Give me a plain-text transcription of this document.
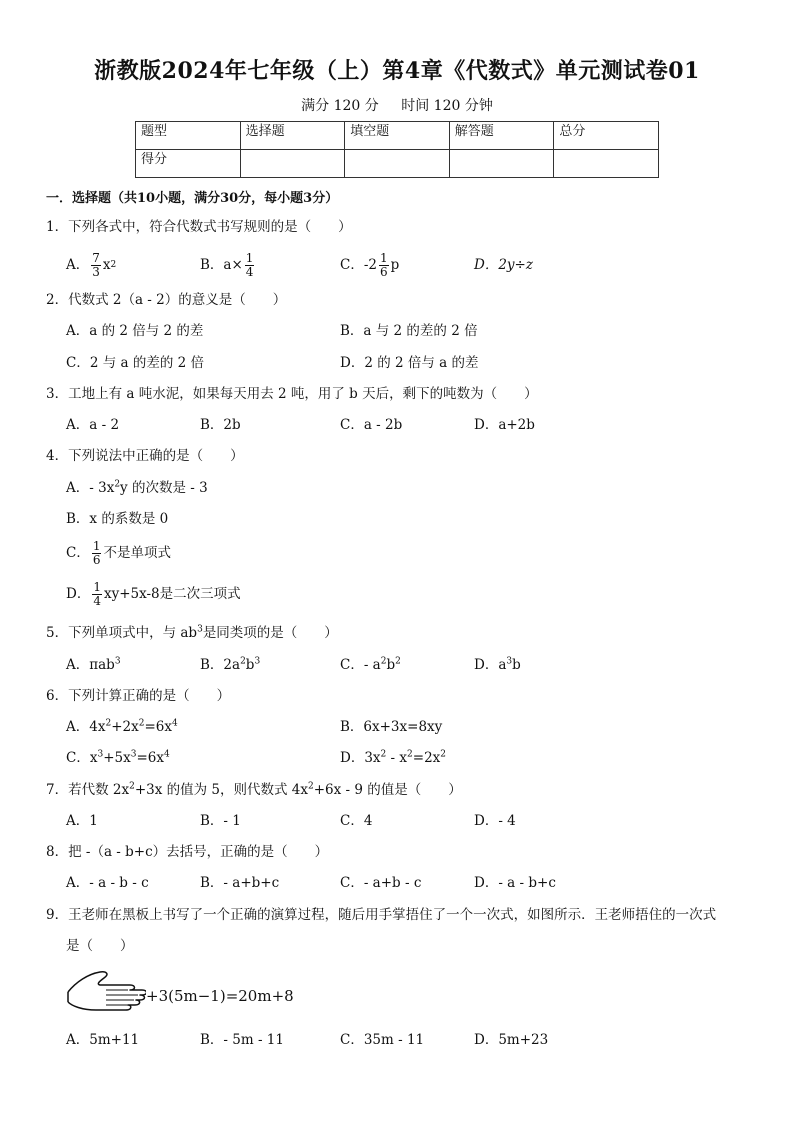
浙教版2024年七年级（上）第4章《代数式》单元测试卷01
满分 120 分 时间 120 分钟
题型	选择题	填空题	解答题	总分
得分				
一．选择题（共10小题，满分30分，每小题3分）
1．下列各式中，符合代数式书写规则的是（　　）
A． $\frac{7}{3}$ x 2	B． $a\times \frac{1}{4}$	C． $-2 \frac{1}{6}$ p	D．2y÷z
2．代数式 2（a - 2）的意义是（　　）
A．a 的 2 倍与 2 的差	B．a 与 2 的差的 2 倍
C．2 与 a 的差的 2 倍	D．2 的 2 倍与 a 的差
3．工地上有 a 吨水泥，如果每天用去 2 吨，用了 b 天后，剩下的吨数为（　　）
A．a - 2	B．2b	C．a - 2b	D．a+2b
4．下列说法中正确的是（　　）
A．- $3x^2y$ 的次数是 - 3
B．x 的系数是 0
C． $\frac{1}{6}$ 不是单项式
D． $\frac{1}{4} xy+5x-8$是二次三项式
5．下列单项式中，与 $ab^3$是同类项的是（　　）
A．πab$^3$	B．$2a^2b^3$	C．- $a^2b^2$	D．$a^3b$
6．下列计算正确的是（　　）
A．$4x^2+2x^2=6x^4$	B．6x+3x=8xy
C．$x^3+5x^3=6x^4$	D．$3x^2 - x^2=2x^2$
7．若代数 $2x^2+3x$ 的值为 5，则代数式 $4x^2+6x - 9$ 的值是（　　）
A．1	B．- 1	C．4	D．- 4
8．把 -（a - b+c）去括号，正确的是（　　）
A．- a - b - c	B．- a+b+c	C．- a+b - c	D．- a - b+c
9．王老师在黑板上书写了一个正确的演算过程，随后用手掌捂住了一个一次式，如图所示．王老师捂住的一次式
是（　　）
+3(5m−1)=20m+8
A．5m+11	B．- 5m - 11	C．35m - 11	D．5m+23
